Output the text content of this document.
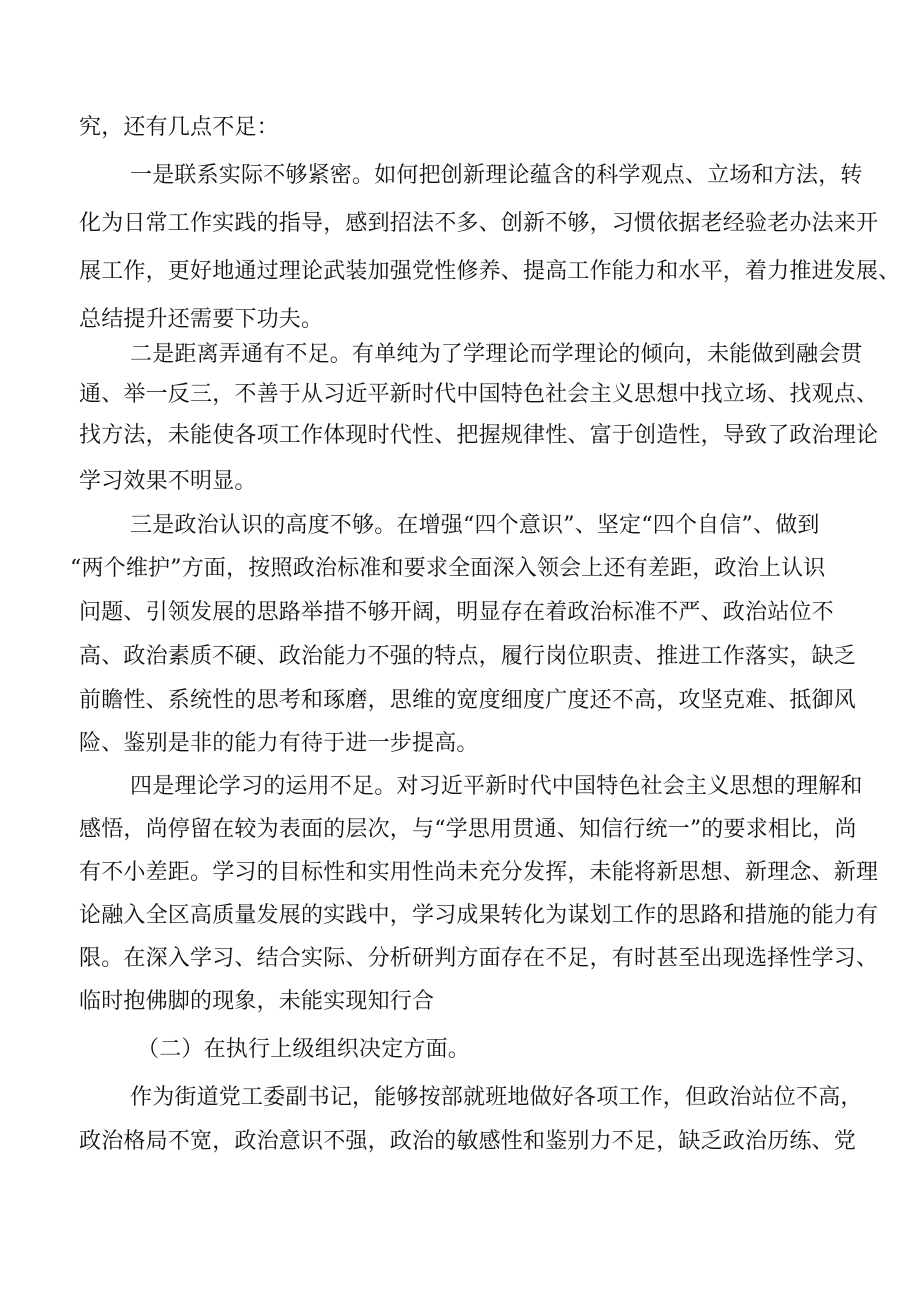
究，还有几点不足：
一是联系实际不够紧密。如何把创新理论蕴含的科学观点、立场和方法，转
化为日常工作实践的指导，感到招法不多、创新不够，习惯依据老经验老办法来开
展工作，更好地通过理论武装加强党性修养、提高工作能力和水平，着力推进发展、
总结提升还需要下功夫。
二是距离弄通有不足。有单纯为了学理论而学理论的倾向，未能做到融会贯
通、举一反三，不善于从习近平新时代中国特色社会主义思想中找立场、找观点、
找方法，未能使各项工作体现时代性、把握规律性、富于创造性，导致了政治理论
学习效果不明显。
三是政治认识的高度不够。在增强“四个意识”、坚定“四个自信”、做到
“两个维护”方面，按照政治标准和要求全面深入领会上还有差距，政治上认识
问题、引领发展的思路举措不够开阔，明显存在着政治标准不严、政治站位不
高、政治素质不硬、政治能力不强的特点，履行岗位职责、推进工作落实，缺乏
前瞻性、系统性的思考和琢磨，思维的宽度细度广度还不高，攻坚克难、抵御风
险、鉴别是非的能力有待于进一步提高。
四是理论学习的运用不足。对习近平新时代中国特色社会主义思想的理解和
感悟，尚停留在较为表面的层次，与“学思用贯通、知信行统一”的要求相比，尚
有不小差距。学习的目标性和实用性尚未充分发挥，未能将新思想、新理念、新理
论融入全区高质量发展的实践中，学习成果转化为谋划工作的思路和措施的能力有
限。在深入学习、结合实际、分析研判方面存在不足，有时甚至出现选择性学习、
临时抱佛脚的现象，未能实现知行合
（二）在执行上级组织决定方面。
作为街道党工委副书记，能够按部就班地做好各项工作，但政治站位不高，
政治格局不宽，政治意识不强，政治的敏感性和鉴别力不足，缺乏政治历练、党
